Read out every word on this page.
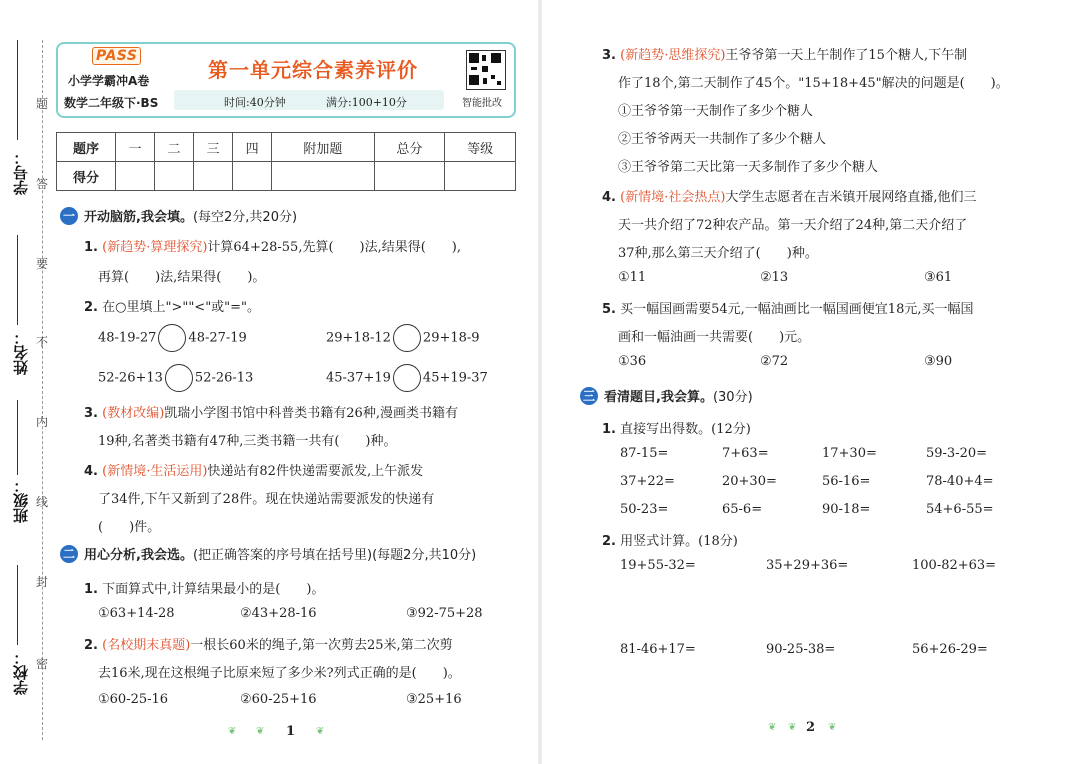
学号：
姓名：
班级：
学校：
题
答
要
不
内
线
封
密
PASS
小学学霸冲A卷
数学二年级下·BS
第一单元综合素养评价
时间:40分钟	满分:100+10分	智能批改
题序	一	二	三	四	附加题	总分	等级
得分							
一 开动脑筋,我会填。(每空2分,共20分)
1. (新趋势·算理探究)计算64+28-55,先算(　　)法,结果得(　　),
再算(　　)法,结果得(　　)。
2. 在○里填上">""<"或"="。
48-19-27 48-27-19	29+18-12 29+18-9
52-26+13 52-26-13	45-37+19 45+19-37
3. (教材改编)凯瑞小学图书馆中科普类书籍有26种,漫画类书籍有
19种,名著类书籍有47种,三类书籍一共有(　　)种。
4. (新情境·生活运用)快递站有82件快递需要派发,上午派发
了34件,下午又新到了28件。现在快递站需要派发的快递有
(　　)件。
二 用心分析,我会选。(把正确答案的序号填在括号里)(每题2分,共10分)
1. 下面算式中,计算结果最小的是(　　)。
①63+14-28	②43+28-16	③92-75+28
2. (名校期末真题)一根长60米的绳子,第一次剪去25米,第二次剪
去16米,现在这根绳子比原来短了多少米?列式正确的是(　　)。
①60-25-16	②60-25+16	③25+16
❦ ❦ 1 ❦
3. (新趋势·思维探究)王爷爷第一天上午制作了15个糖人,下午制
作了18个,第二天制作了45个。"15+18+45"解决的问题是(　　)。
①王爷爷第一天制作了多少个糖人
②王爷爷两天一共制作了多少个糖人
③王爷爷第二天比第一天多制作了多少个糖人
4. (新情境·社会热点)大学生志愿者在吉米镇开展网络直播,他们三
天一共介绍了72种农产品。第一天介绍了24种,第二天介绍了
37种,那么第三天介绍了(　　)种。
①11	②13	③61
5. 买一幅国画需要54元,一幅油画比一幅国画便宜18元,买一幅国
画和一幅油画一共需要(　　)元。
①36	②72	③90
三 看清题目,我会算。(30分)
1. 直接写出得数。(12分)
87-15=	7+63=	17+30=	59-3-20=
37+22=	20+30=	56-16=	78-40+4=
50-23=	65-6=	90-18=	54+6-55=
2. 用竖式计算。(18分)
19+55-32=	35+29+36=	100-82+63=
81-46+17=	90-25-38=	56+26-29=
❦ ❦ 2 ❦
